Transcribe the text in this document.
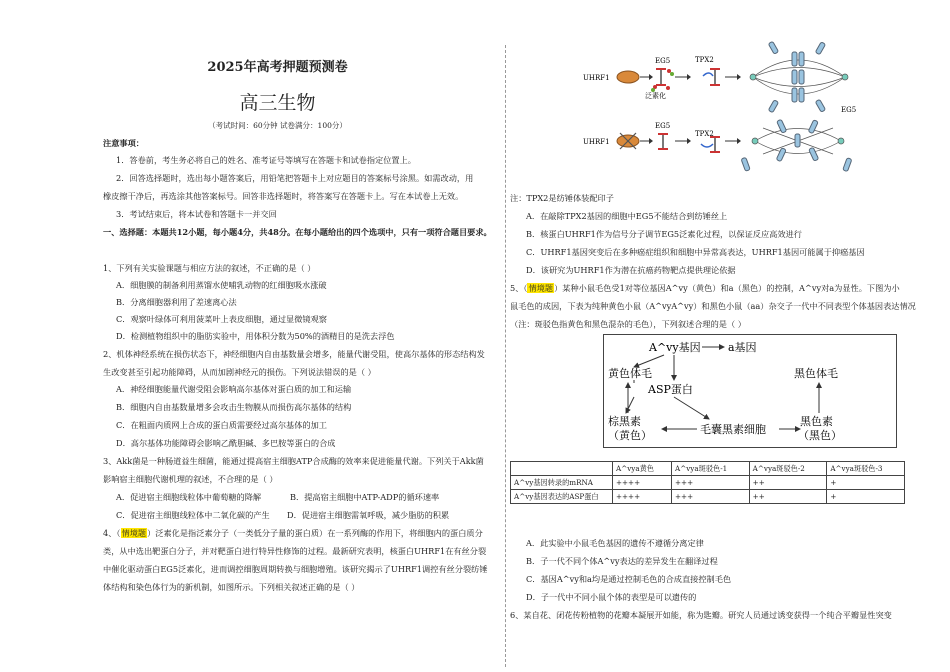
2025年高考押题预测卷
高三生物
（考试时间：60分钟 试卷满分：100分）
注意事项：
1．答卷前，考生务必将自己的姓名、准考证号等填写在答题卡和试卷指定位置上。
2．回答选择题时，选出每小题答案后，用铅笔把答题卡上对应题目的答案标号涂黑。如需改动，用
橡皮擦干净后，再选涂其他答案标号。回答非选择题时，将答案写在答题卡上。写在本试卷上无效。
3．考试结束后，将本试卷和答题卡一并交回
一、选择题：本题共12小题，每小题4分，共48分。在每小题给出的四个选项中，只有一项符合题目要求。
1、下列有关实验课题与相应方法的叙述，不正确的是（ ）
A．细胞膜的制备利用蒸馏水使哺乳动物的红细胞吸水涨破
B．分离细胞器利用了差速离心法
C．观察叶绿体可利用菠菜叶上表皮细胞，通过显微镜观察
D．检测植物组织中的脂肪实验中，用体积分数为50%的酒精目的是洗去浮色
2、机体神经系统在损伤状态下，神经细胞内自由基数量会增多，能量代谢受阻，使高尔基体的形态结构发
生改变甚至引起功能障碍，从而加剧神经元的损伤。下列说法错误的是（ ）
A．神经细胞能量代谢受阻会影响高尔基体对蛋白质的加工和运输
B．细胞内自由基数量增多会攻击生物膜从而损伤高尔基体的结构
C．在粗面内质网上合成的蛋白质需要经过高尔基体的加工
D．高尔基体功能障碍会影响乙酰胆碱、多巴胺等蛋白的合成
3、Akk菌是一种肠道益生细菌，能通过提高宿主细胞ATP合成酶的效率来促进能量代谢。下列关于Akk菌
影响宿主细胞代谢机理的叙述，不合理的是（ ）
A．促进宿主细胞线粒体中葡萄糖的降解	B．提高宿主细胞中ATP-ADP的循环速率
C．促进宿主细胞线粒体中二氧化碳的产生 D．促进宿主细胞需氧呼吸，减少脂肪的积累
4、（情境题）泛素化是指泛素分子（一类低分子量的蛋白质）在一系列酶的作用下，将细胞内的蛋白质分
类，从中选出靶蛋白分子，并对靶蛋白进行特异性修饰的过程。最新研究表明，核蛋白UHRF1在有丝分裂
中催化驱动蛋白EG5泛素化，进而调控细胞周期转换与细胞增殖。该研究揭示了UHRF1调控有丝分裂纺锤
体结构和染色体行为的新机制，如图所示。下列相关叙述正确的是（ ）
UHRF1
EG5
泛素化
TPX2
EG5
UHRF1
EG5
TPX2
注：TPX2是纺锤体装配印子
A．在敲除TPX2基因的细胞中EG5不能结合到纺锤丝上
B．核蛋白UHRF1作为信号分子调节EG5泛素化过程，以保证反应高效进行
C．UHRF1基因突变后在多种癌症组织和细胞中异常高表达，UHRF1基因可能属于抑癌基因
D．该研究为UHRF1作为潜在抗癌药物靶点提供理论依据
5、（情境题）某种小鼠毛色受1对等位基因A^vy（黄色）和a（黑色）的控制，A^vy对a为显性。下图为小
鼠毛色的成因，下表为纯种黄色小鼠（A^vyA^vy）和黑色小鼠（aa）杂交子一代中不同表型个体基因表达情况
（注：斑驳色指黄色和黑色混杂的毛色），下列叙述合理的是（ ）
A^vy基因 a基因
黄色体毛	黑色体毛
ASP蛋白
棕黑素
（黄色）	毛囊黑素细胞
黑色素
（黑色）
	A^vya黄色	A^vya斑驳色-1	A^vya斑驳色-2	A^vya斑驳色-3
A^vy基因转录的mRNA	++++	+++	++	+
A^vy基因表达的ASP蛋白	++++	+++	++	+
A．此实验中小鼠毛色基因的遗传不遵循分离定律
B．子一代不同个体A^vy表达的差异发生在翻译过程
C．基因A^vy和a均是通过控制毛色的合成直接控制毛色
D．子一代中不同小鼠个体的表型是可以遗传的
6、某自花、闭花传粉植物的花瓣本凝展开如能，称为匙瓣。研究人员通过诱变获得一个纯合平瓣显性突变
